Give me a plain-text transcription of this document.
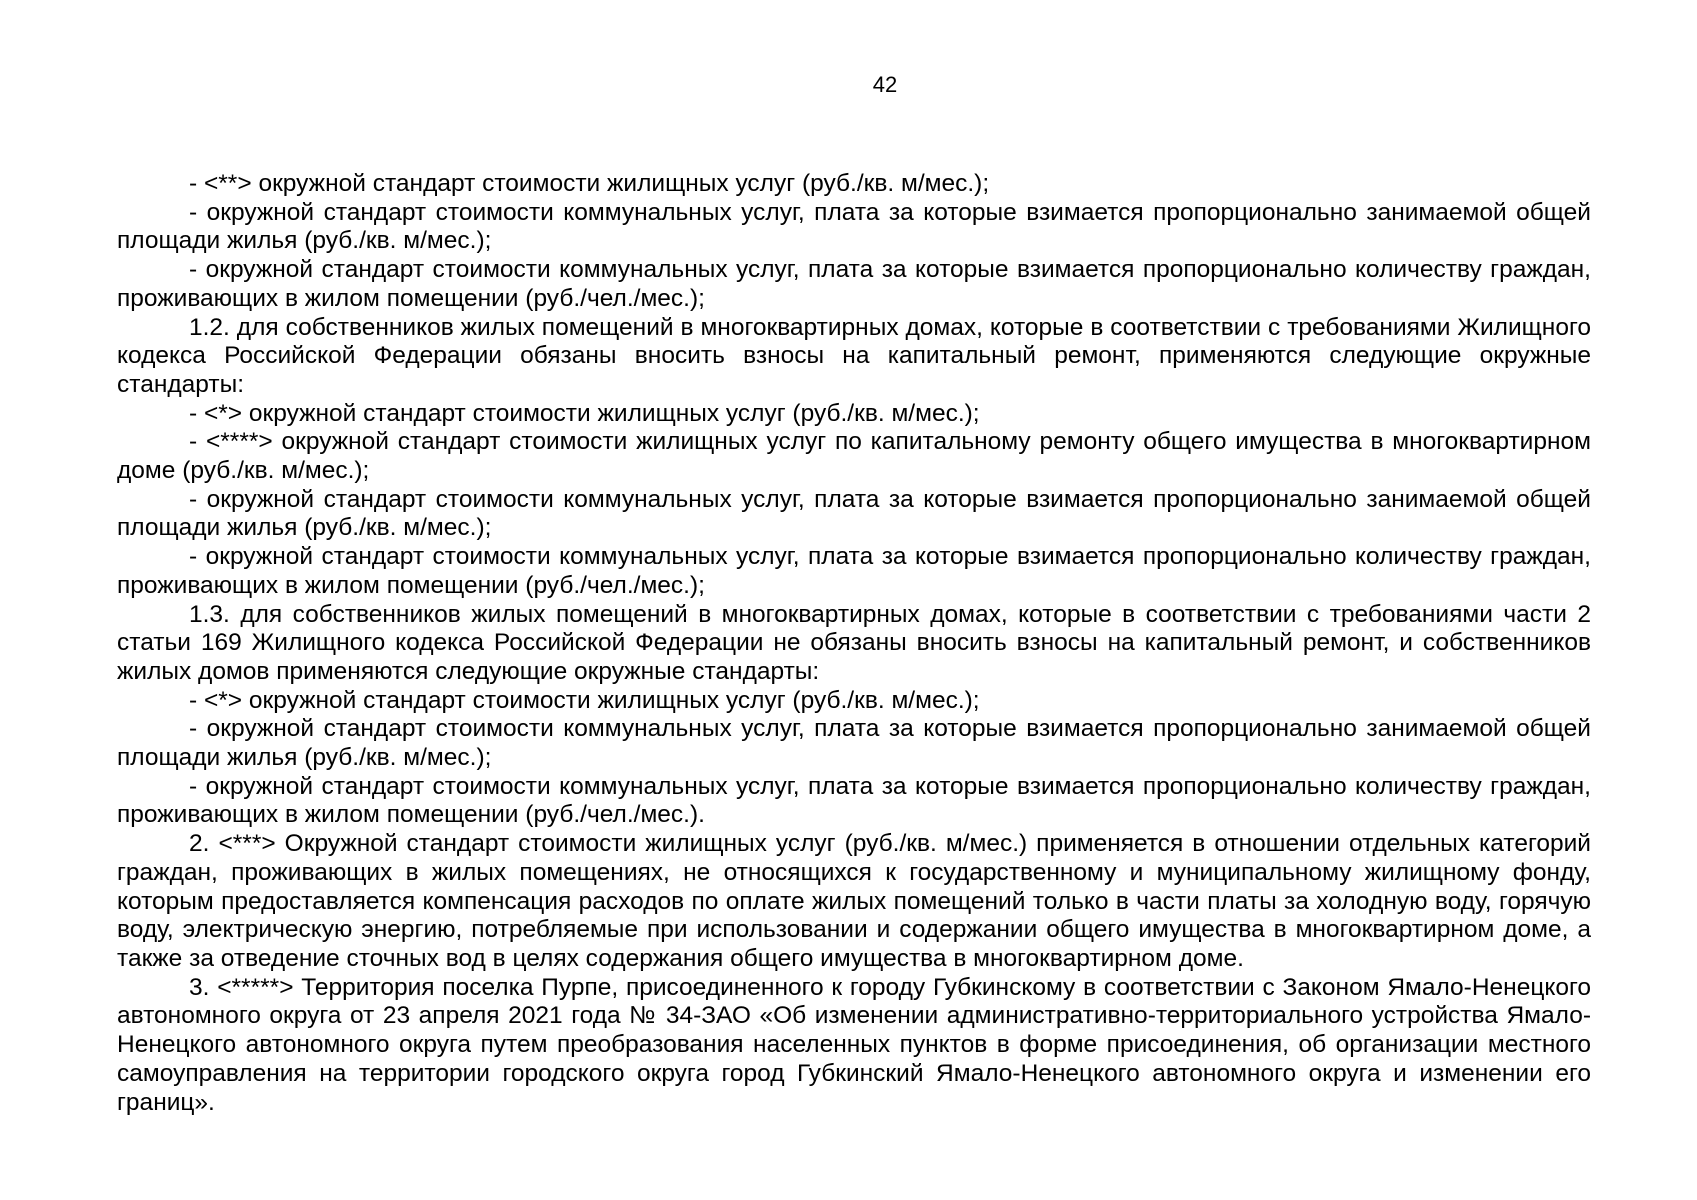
42

- <**> окружной стандарт стоимости жилищных услуг (руб./кв. м/мес.);

- окружной стандарт стоимости коммунальных услуг, плата за которые взимается пропорционально занимаемой общей площади жилья (руб./кв. м/мес.);

- окружной стандарт стоимости коммунальных услуг, плата за которые взимается пропорционально количеству граждан, проживающих в жилом помещении (руб./чел./мес.);

1.2. для собственников жилых помещений в многоквартирных домах, которые в соответствии с требованиями Жилищного кодекса Российской Федерации обязаны вносить взносы на капитальный ремонт, применяются следующие окружные стандарты:

- <*> окружной стандарт стоимости жилищных услуг (руб./кв. м/мес.);

- <****> окружной стандарт стоимости жилищных услуг по капитальному ремонту общего имущества в многоквартирном доме (руб./кв. м/мес.);

- окружной стандарт стоимости коммунальных услуг, плата за которые взимается пропорционально занимаемой общей площади жилья (руб./кв. м/мес.);

- окружной стандарт стоимости коммунальных услуг, плата за которые взимается пропорционально количеству граждан, проживающих в жилом помещении (руб./чел./мес.);

1.3. для собственников жилых помещений в многоквартирных домах, которые в соответствии с требованиями части 2 статьи 169 Жилищного кодекса Российской Федерации не обязаны вносить взносы на капитальный ремонт, и собственников жилых домов применяются следующие окружные стандарты:

- <*> окружной стандарт стоимости жилищных услуг (руб./кв. м/мес.);

- окружной стандарт стоимости коммунальных услуг, плата за которые взимается пропорционально занимаемой общей площади жилья (руб./кв. м/мес.);

- окружной стандарт стоимости коммунальных услуг, плата за которые взимается пропорционально количеству граждан, проживающих в жилом помещении (руб./чел./мес.).

2. <***> Окружной стандарт стоимости жилищных услуг (руб./кв. м/мес.) применяется в отношении отдельных категорий граждан, проживающих в жилых помещениях, не относящихся к государственному и муниципальному жилищному фонду, которым предоставляется компенсация расходов по оплате жилых помещений только в части платы за холодную воду, горячую воду, электрическую энергию, потребляемые при использовании и содержании общего имущества в многоквартирном доме, а также за отведение сточных вод в целях содержания общего имущества в многоквартирном доме.

3. <*****> Территория поселка Пурпе, присоединенного к городу Губкинскому в соответствии с Законом Ямало-Ненецкого автономного округа от 23 апреля 2021 года № 34-ЗАО «Об изменении административно-территориального устройства Ямало-Ненецкого автономного округа путем преобразования населенных пунктов в форме присоединения, об организации местного самоуправления на территории городского округа город Губкинский Ямало-Ненецкого автономного округа и изменении его границ».
